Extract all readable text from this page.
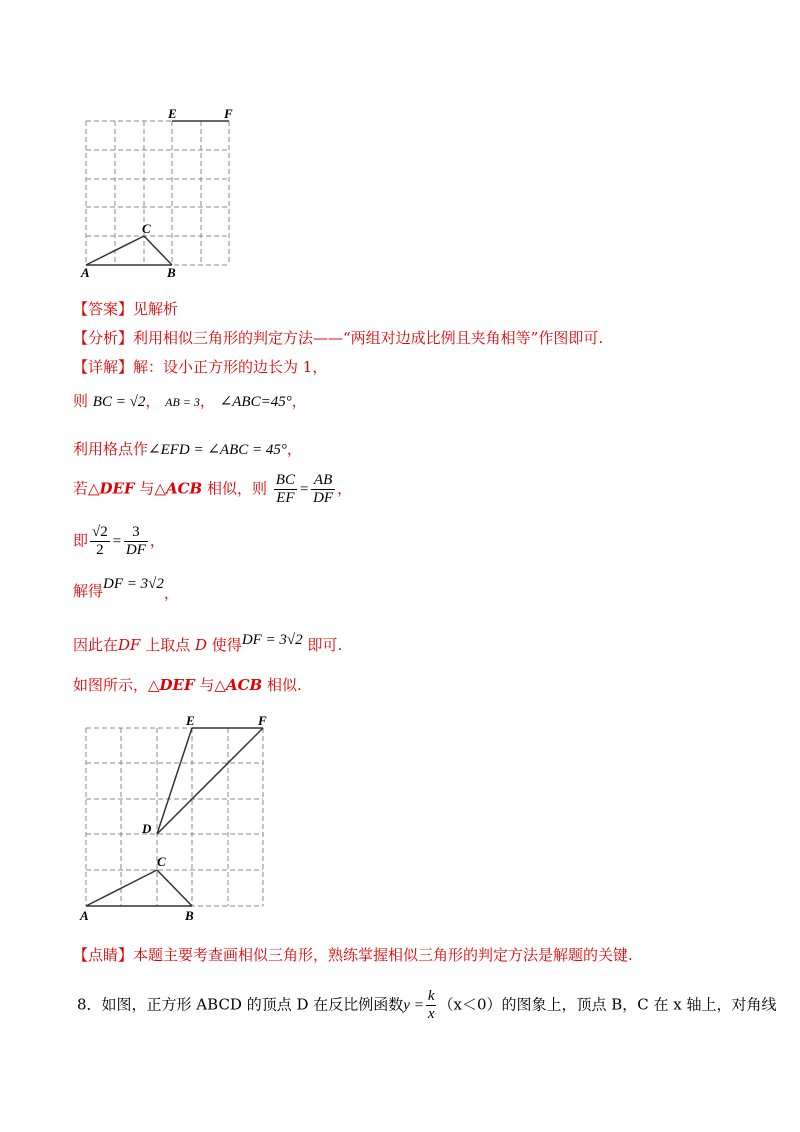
E	F
C
A	B
【答案】见解析
【分析】利用相似三角形的判定方法——“两组对边成比例且夹角相等”作图即可.
【详解】解：设小正方形的边长为 1，
则 BC = √2， AB = 3， ∠ABC=45°，
利用格点作∠EFD = ∠ABC = 45°，
若△DEF 与△ACB 相似，则 $\frac{BC}{EF} = \frac{AB}{DF}$ ，
即 $\frac{√2}{2} = \frac{3}{DF}$ ，
解得DF = 3√2，
因此在DF 上取点 D 使得DF = 3√2 即可.
如图所示，△DEF 与△ACB 相似.
E	F
D
C
A	B
【点睛】本题主要考查画相似三角形，熟练掌握相似三角形的判定方法是解题的关键.
8．如图，正方形 ABCD 的顶点 D 在反比例函数$y = \frac{k}{x} (x<0)$的图象上，顶点 B，C 在 x 轴上，对角线
